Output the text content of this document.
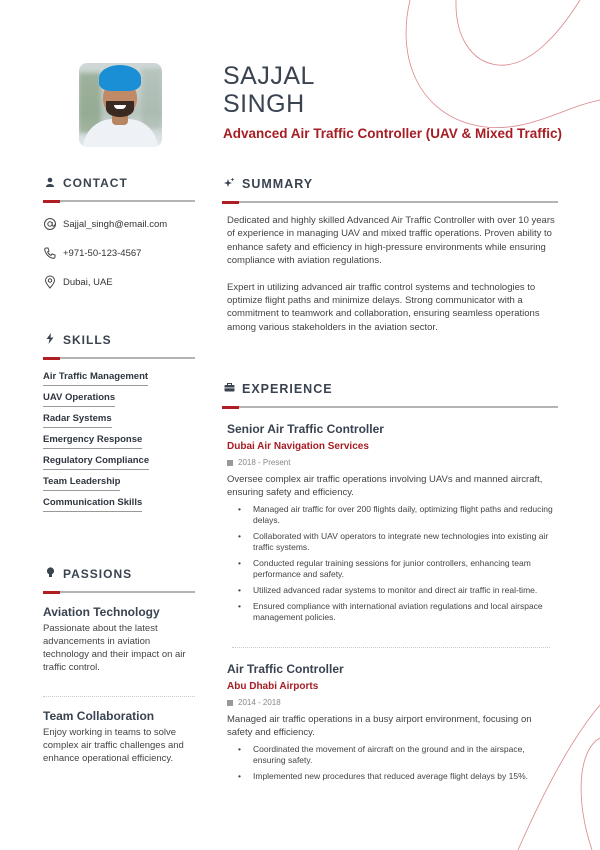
SAJJAL
SINGH
Advanced Air Traffic Controller (UAV & Mixed Traffic)
CONTACT
Sajjal_singh@email.com
+971-50-123-4567
Dubai, UAE
SKILLS
Air Traffic Management
UAV Operations
Radar Systems
Emergency Response
Regulatory Compliance
Team Leadership
Communication Skills
PASSIONS
Aviation Technology
Passionate about the latest advancements in aviation technology and their impact on air traffic control.
Team Collaboration
Enjoy working in teams to solve complex air traffic challenges and enhance operational efficiency.
SUMMARY

Dedicated and highly skilled Advanced Air Traffic Controller with over 10 years of experience in managing UAV and mixed traffic operations. Proven ability to enhance safety and efficiency in high-pressure environments while ensuring compliance with aviation regulations.

Expert in utilizing advanced air traffic control systems and technologies to optimize flight paths and minimize delays. Strong communicator with a commitment to teamwork and collaboration, ensuring seamless operations among various stakeholders in the aviation sector.

EXPERIENCE
Senior Air Traffic Controller
Dubai Air Navigation Services
2018 - Present
Oversee complex air traffic operations involving UAVs and manned aircraft, ensuring safety and efficiency.
• Managed air traffic for over 200 flights daily, optimizing flight paths and reducing delays.
• Collaborated with UAV operators to integrate new technologies into existing air traffic systems.
• Conducted regular training sessions for junior controllers, enhancing team performance and safety.
• Utilized advanced radar systems to monitor and direct air traffic in real-time.
• Ensured compliance with international aviation regulations and local airspace management policies.
Air Traffic Controller
Abu Dhabi Airports
2014 - 2018
Managed air traffic operations in a busy airport environment, focusing on safety and efficiency.
• Coordinated the movement of aircraft on the ground and in the airspace, ensuring safety.
• Implemented new procedures that reduced average flight delays by 15%.
